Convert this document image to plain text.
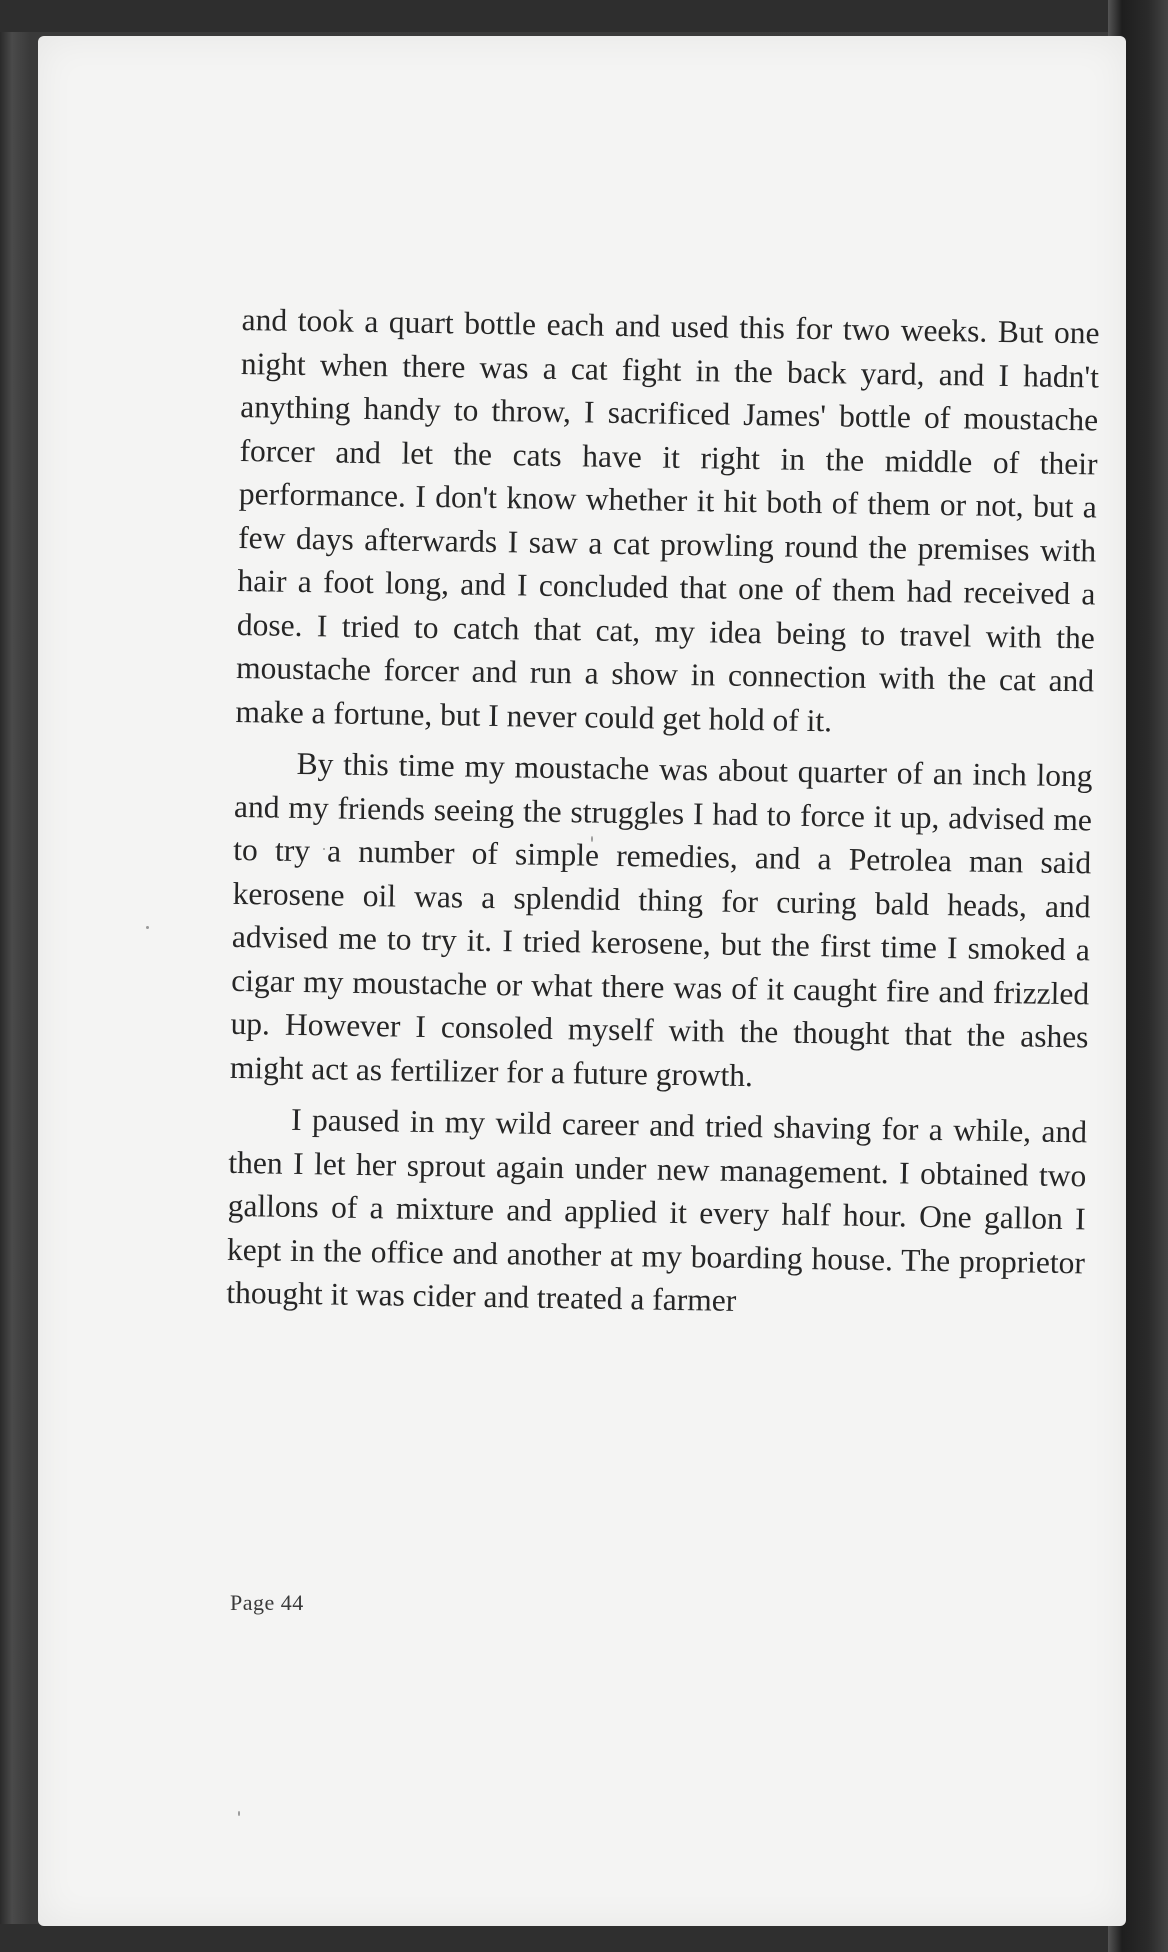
and took a quart bottle each and used this for two weeks. But one night when there was a cat fight in the back yard, and I hadn't anything handy to throw, I sacrificed James' bottle of moustache forcer and let the cats have it right in the middle of their performance. I don't know whether it hit both of them or not, but a few days afterwards I saw a cat prowling round the premises with hair a foot long, and I concluded that one of them had received a dose. I tried to catch that cat, my idea being to travel with the moustache forcer and run a show in connection with the cat and make a fortune, but I never could get hold of it.

By this time my moustache was about quarter of an inch long and my friends seeing the struggles I had to force it up, advised me to try a number of simple remedies, and a Petrolea man said kerosene oil was a splendid thing for curing bald heads, and advised me to try it. I tried kerosene, but the first time I smoked a cigar my moustache or what there was of it caught fire and frizzled up. However I consoled myself with the thought that the ashes might act as fertilizer for a future growth.

I paused in my wild career and tried shaving for a while, and then I let her sprout again under new management. I obtained two gallons of a mixture and applied it every half hour. One gallon I kept in the office and another at my boarding house. The proprietor thought it was cider and treated a farmer

Page 44
